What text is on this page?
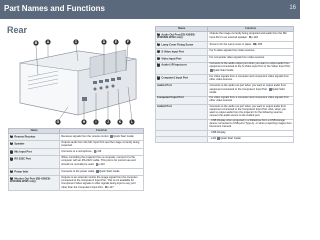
Part Names and Functions	16
Rear
A
B	C	D	E	F
G	H	I	J	K	L
Name	Function
A Remote Receiver	Receives signals from the remote control. Quick Start Guide
B Speaker	Outputs audio from the Mic Input Port and the image currently being projected.
C Mic Input Port	Connects to a microphone. p.99
D RS-232C Port	When controlling the projector from a computer, connect it to the computer with an RS-232C cable. This port is for control use and should not normally be used. p.210
E Power Inlet	Connects to the power cable. Quick Start Guide
F Monitor Out Port (EB-420/EB-W410/EB-W425 only)	Outputs to an external monitor the image signal from the computer connected to the Computer1 Input Port. This is not available for Component Video signals or other signals being input to any port other than the Computer1 Input Port. p.117
Name	Function
G Audio Out Port (EB-420/EB-W425/EB-W410 only)	Outputs the image currently being projected and audio from the Mic Input Port to an external speaker. p.118
H Lamp Cover Fixing Screw	Screw to fix the Lamp cover in place. p.185
I S-Video Input Port	For S-video signals from video sources.
J Video Input Port	For composite video signals from video sources.
K Audio-L/R Input port	Connects to the audio output port when you want to output audio from equipment connected to the S-Video Input Port or the Video Input Port. Quick Start Guide
L Computer1 Input Port	For video signals from a computer and component video signals from other video sources.
Audio1 Port	Connects to the audio out port when you want to output audio from equipment connected to the Computer1 Input Port. Quick Start Guide
Computer2 Input Port	For video signals from a computer and component video signals from other video sources.
Audio2 Port	Connects to the audio out port when you want to output audio from equipment connected to the Computer2 Input Port. Also, when you want to output audio from the projector for the following sources connect the audio source to the Audio2 port.
	- USB Display when projected in a Slideshow from a USB storage device connected to USB port (Type A), or when projecting images from Document Camera
	- USB Display
	- LAN Quick Start Guide
